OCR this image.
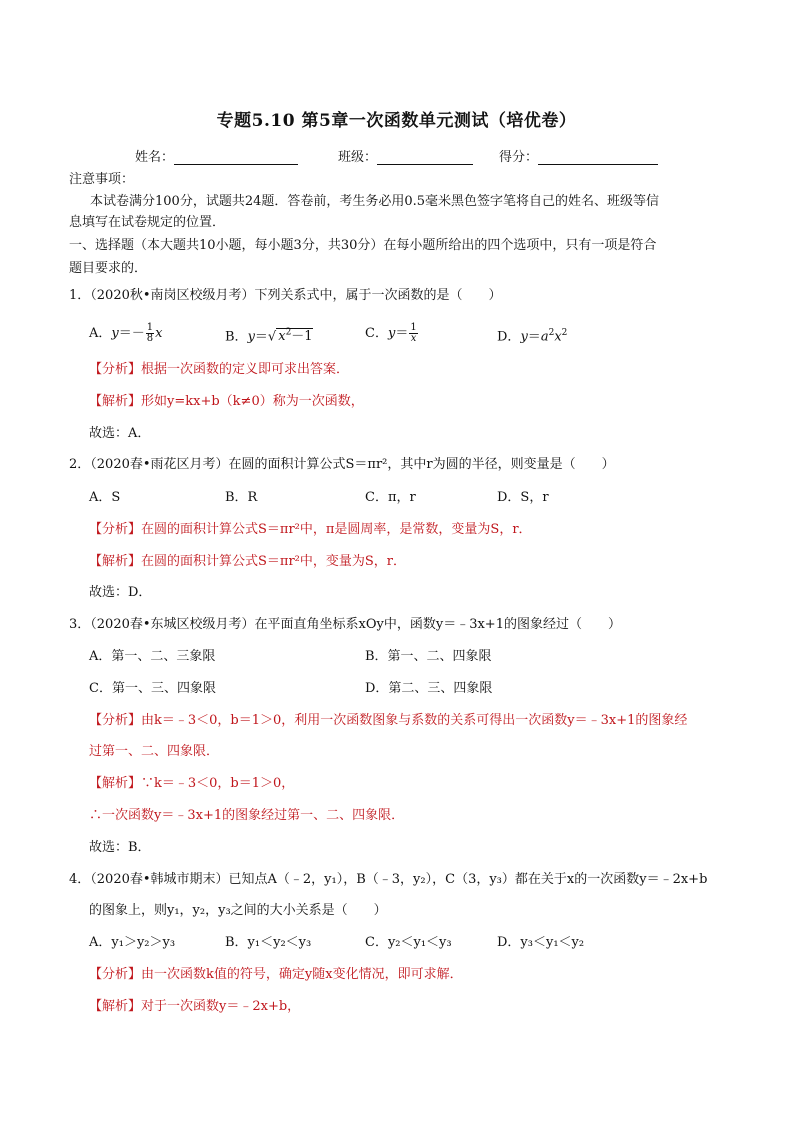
专题5.10 第5章一次函数单元测试（培优卷）
姓名：	班级：	得分：
注意事项：
本试卷满分100分，试题共24题．答卷前，考生务必用0.5毫米黑色签字笔将自己的姓名、班级等信
息填写在试卷规定的位置．
一、选择题（本大题共10小题，每小题3分，共30分）在每小题所给出的四个选项中，只有一项是符合
题目要求的．
1．（2020秋•南岗区校级月考）下列关系式中，属于一次函数的是（　　）
A．$y=- \frac{1}{8}$ x	B．y＝√ $x^2-1$	C．$y= \frac{1}{x}$	D．$y=a^2x^2$
【分析】根据一次函数的定义即可求出答案．
【解析】形如y=kx+b（k≠0）称为一次函数，
故选：A．
2．（2020春•雨花区月考）在圆的面积计算公式S＝πr²，其中r为圆的半径，则变量是（　　）
A．S	B．R	C．π，r	D．S，r
【分析】在圆的面积计算公式S＝πr²中，π是圆周率，是常数，变量为S，r．
【解析】在圆的面积计算公式S＝πr²中，变量为S，r．
故选：D．
3．（2020春•东城区校级月考）在平面直角坐标系xOy中，函数y＝﹣3x+1的图象经过（　　）
A．第一、二、三象限	B．第一、二、四象限
C．第一、三、四象限	D．第二、三、四象限
【分析】由k＝﹣3＜0，b＝1＞0，利用一次函数图象与系数的关系可得出一次函数y＝﹣3x+1的图象经
过第一、二、四象限．
【解析】∵k＝﹣3＜0，b＝1＞0，
∴一次函数y＝﹣3x+1的图象经过第一、二、四象限．
故选：B．
4．（2020春•韩城市期末）已知点A（﹣2，y₁），B（﹣3，y₂），C（3，y₃）都在关于x的一次函数y＝﹣2x+b
的图象上，则y₁，y₂，y₃之间的大小关系是（　　）
A．y₁＞y₂＞y₃	B．y₁＜y₂＜y₃	C．y₂＜y₁＜y₃	D．y₃＜y₁＜y₂
【分析】由一次函数k值的符号，确定y随x变化情况，即可求解．
【解析】对于一次函数y＝﹣2x+b，
